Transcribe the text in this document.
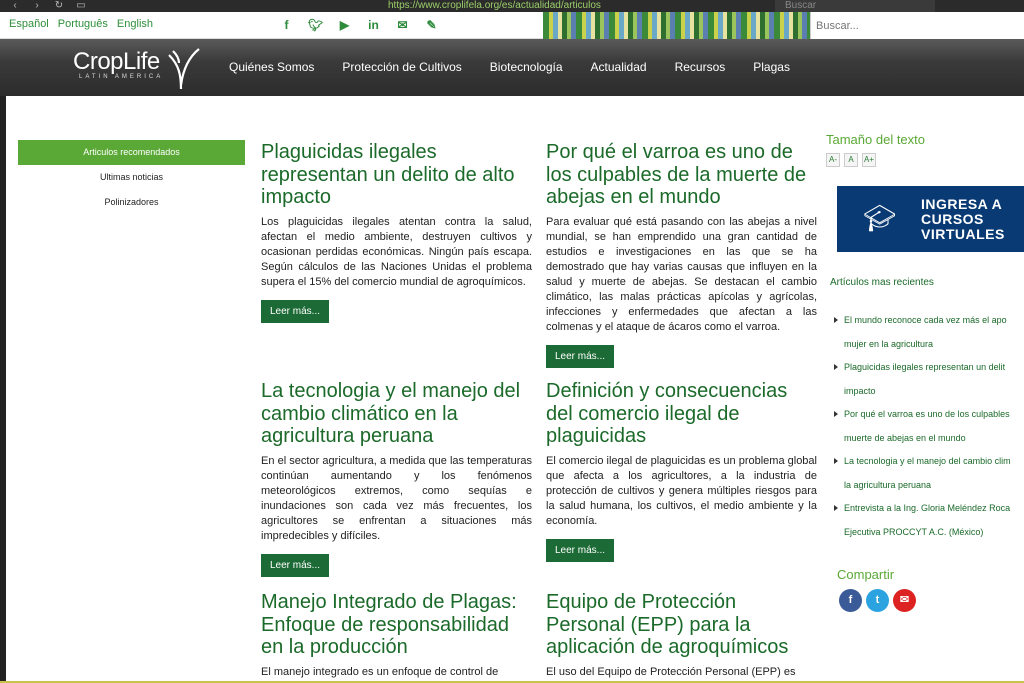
‹	›	↻ ▭	https://www.croplifela.org/es/actualidad/articulos	Buscar
Español Português English	f	🐦︎	▶	in	✉	✎
Buscar...
CropLife
LATIN AMERICA
Quiénes Somos Protección de Cultivos Biotecnología Actualidad Recursos Plagas
Articulos recomendados
Ultimas noticias
Polinizadores
Plaguicidas ilegales representan un delito de alto impacto

Los plaguicidas ilegales atentan contra la salud, afectan el medio ambiente, destruyen cultivos y ocasionan perdidas económicas. Ningún país escapa. Según cálculos de las Naciones Unidas el problema supera el 15% del comercio mundial de agroquímicos.

Leer más...
Por qué el varroa es uno de los culpables de la muerte de abejas en el mundo

Para evaluar qué está pasando con las abejas a nivel mundial, se han emprendido una gran cantidad de estudios e investigaciones en las que se ha demostrado que hay varias causas que influyen en la salud y muerte de abejas. Se destacan el cambio climático, las malas prácticas apícolas y agrícolas, infecciones y enfermedades que afectan a las colmenas y el ataque de ácaros como el varroa.

Leer más...
La tecnologia y el manejo del cambio climático en la agricultura peruana

En el sector agricultura, a medida que las temperaturas continúan aumentando y los fenómenos meteorológicos extremos, como sequías e inundaciones son cada vez más frecuentes, los agricultores se enfrentan a situaciones más impredecibles y difíciles.

Leer más...
Definición y consecuencias del comercio ilegal de plaguicidas

El comercio ilegal de plaguicidas es un problema global que afecta a los agricultores, a la industria de protección de cultivos y genera múltiples riesgos para la salud humana, los cultivos, el medio ambiente y la economía.

Leer más...
Manejo Integrado de Plagas: Enfoque de responsabilidad en la producción

El manejo integrado es un enfoque de control de

Equipo de Protección Personal (EPP) para la aplicación de agroquímicos

El uso del Equipo de Protección Personal (EPP) es

Tamaño del texto
A-	A	A+
🎓︎ INGRESA A CURSOS VIRTUALES
Artículos mas recientes
El mundo reconoce cada vez más el apo
mujer en la agricultura
Plaguicidas ilegales representan un delit
impacto
Por qué el varroa es uno de los culpables
muerte de abejas en el mundo
La tecnologia y el manejo del cambio clim
la agricultura peruana
Entrevista a la Ing. Gloria Meléndez Roca
Ejecutiva PROCCYT A.C. (México)
Compartir
f	t	✉
